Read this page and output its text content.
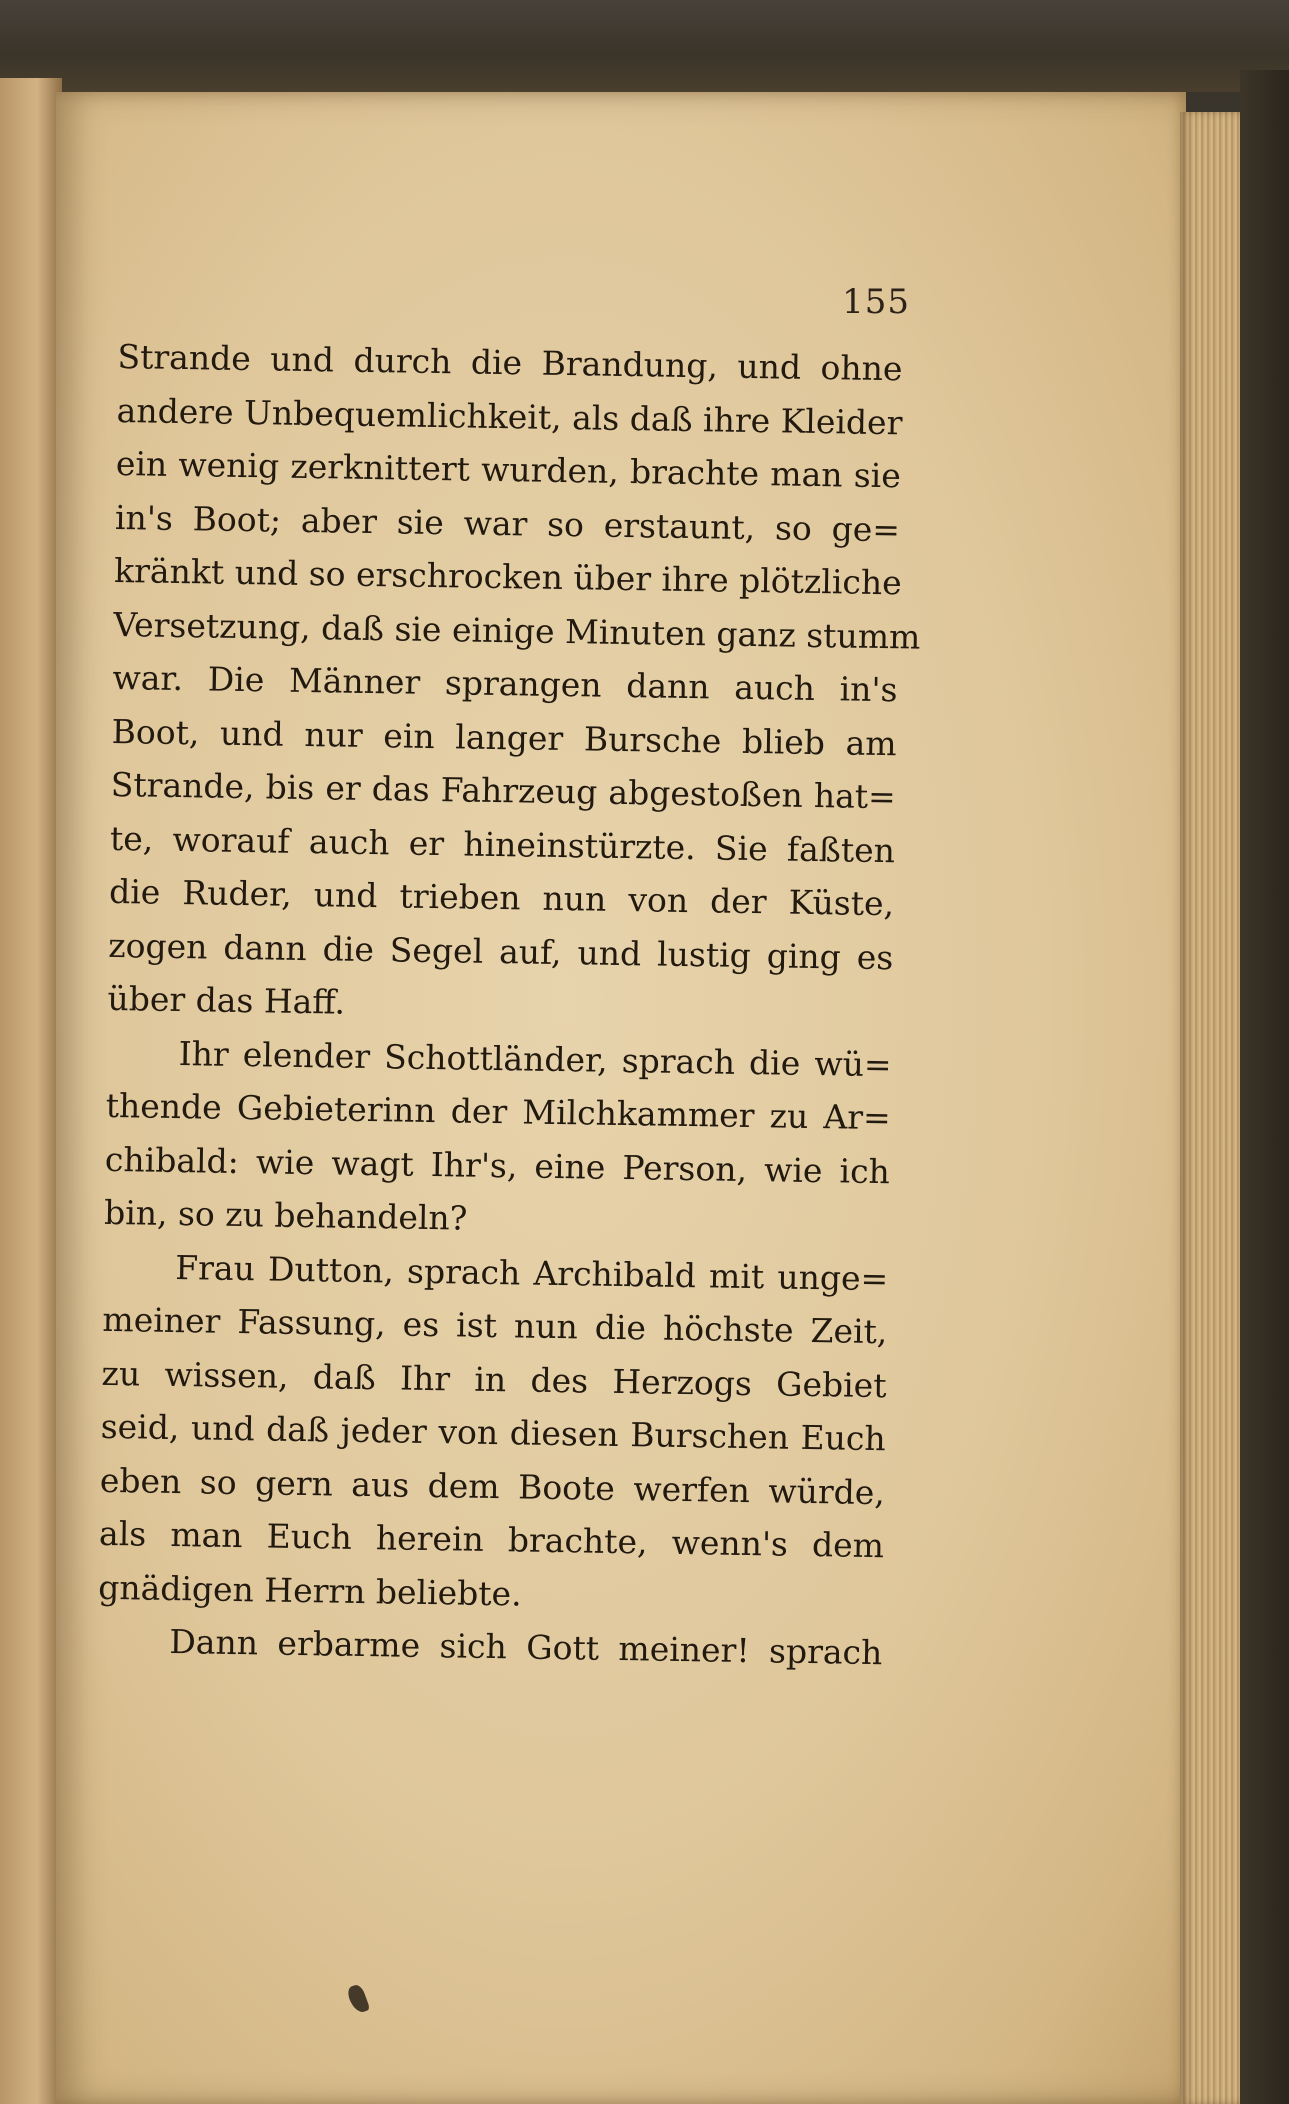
155
Strande und durch die Brandung, und ohne
andere Unbequemlichkeit, als daß ihre Kleider
ein wenig zerknittert wurden, brachte man sie
in's Boot; aber sie war so erstaunt, so ge=
kränkt und so erschrocken über ihre plötzliche
Versetzung, daß sie einige Minuten ganz stumm
war. Die Männer sprangen dann auch in's
Boot, und nur ein langer Bursche blieb am
Strande, bis er das Fahrzeug abgestoßen hat=
te, worauf auch er hineinstürzte. Sie faßten
die Ruder, und trieben nun von der Küste,
zogen dann die Segel auf, und lustig ging es
über das Haff.
Ihr elender Schottländer, sprach die wü=
thende Gebieterinn der Milchkammer zu Ar=
chibald: wie wagt Ihr's, eine Person, wie ich
bin, so zu behandeln?
Frau Dutton, sprach Archibald mit unge=
meiner Fassung, es ist nun die höchste Zeit,
zu wissen, daß Ihr in des Herzogs Gebiet
seid, und daß jeder von diesen Burschen Euch
eben so gern aus dem Boote werfen würde,
als man Euch herein brachte, wenn's dem
gnädigen Herrn beliebte.
Dann erbarme sich Gott meiner! sprach
